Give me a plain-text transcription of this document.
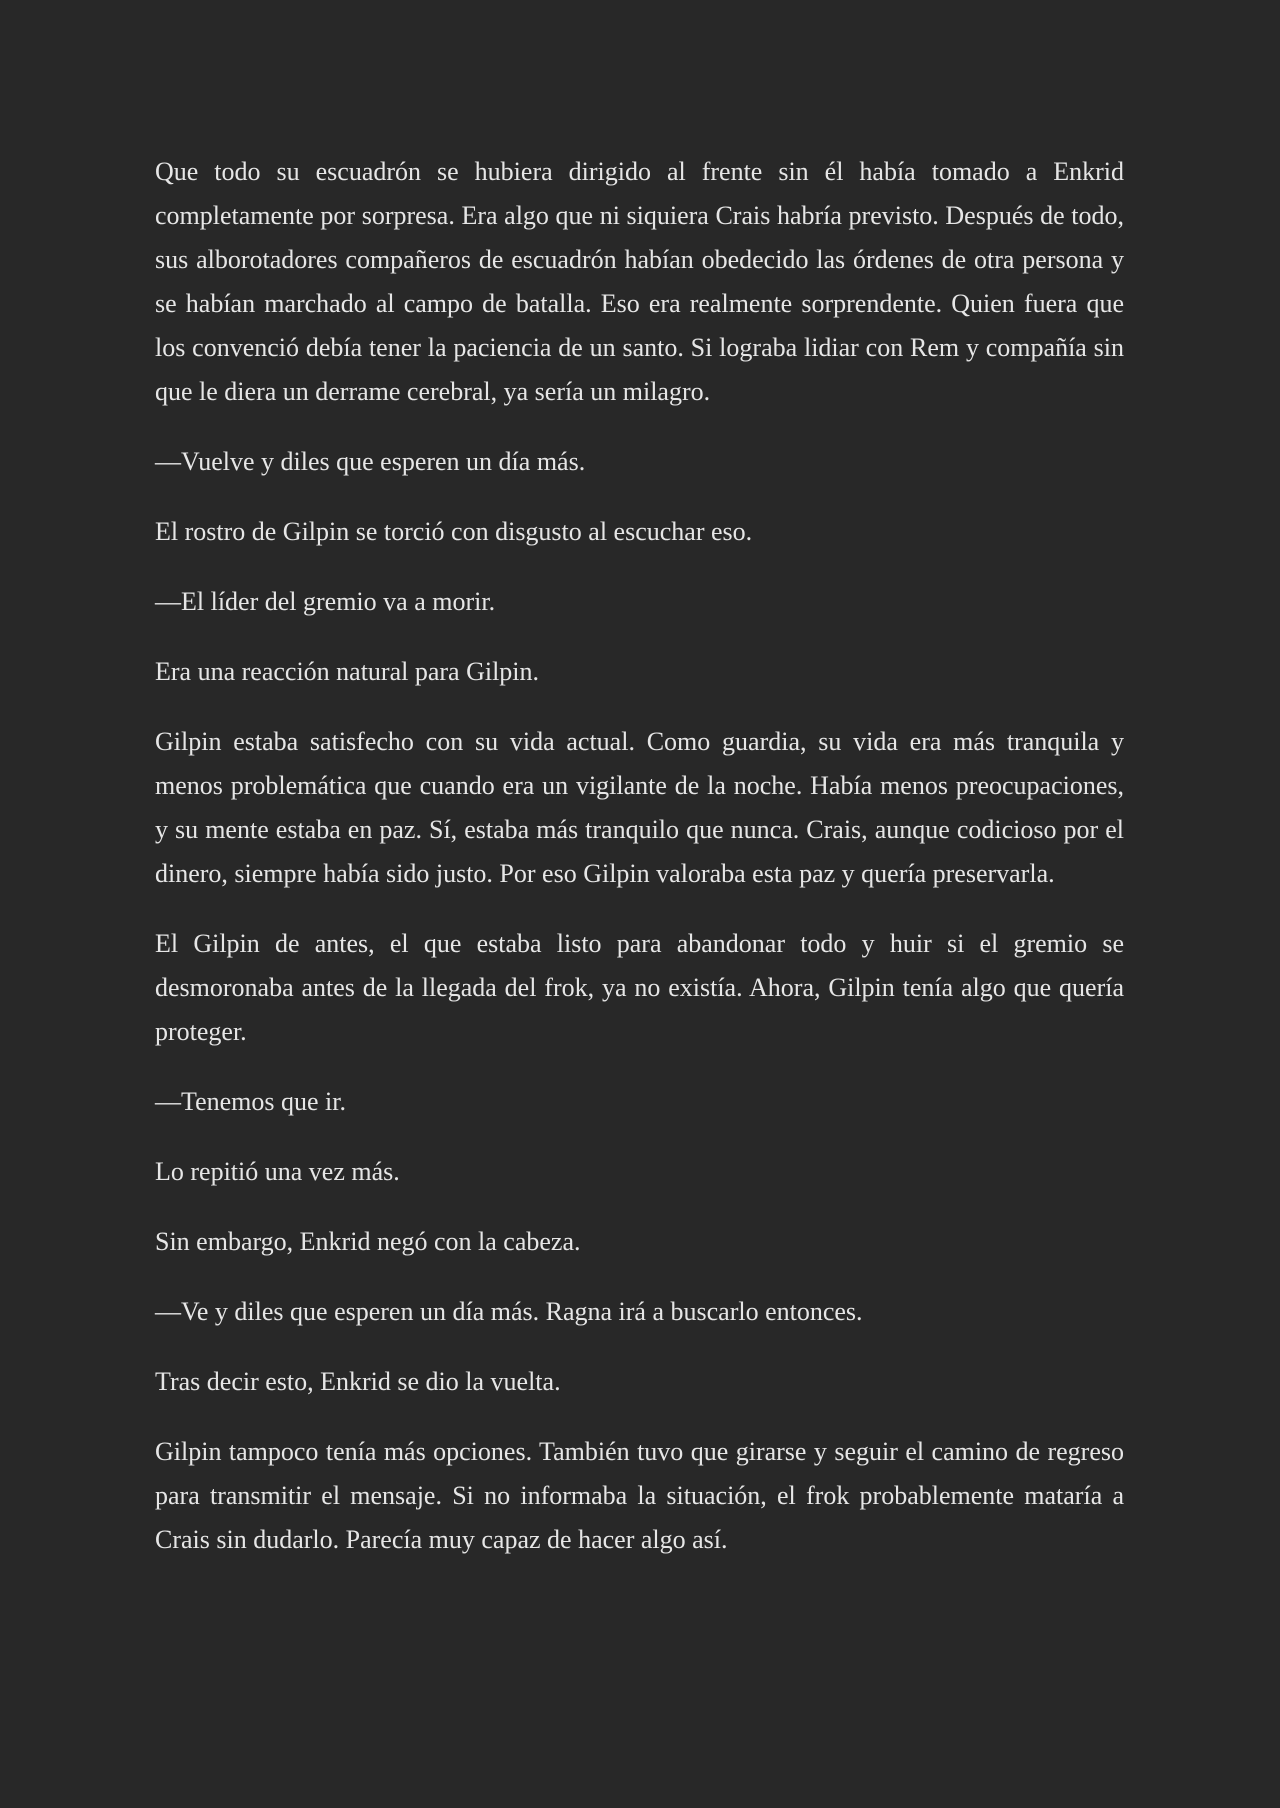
Que todo su escuadrón se hubiera dirigido al frente sin él había tomado a Enkrid completamente por sorpresa. Era algo que ni siquiera Crais habría previsto. Después de todo, sus alborotadores compañeros de escuadrón habían obedecido las órdenes de otra persona y se habían marchado al campo de batalla. Eso era realmente sorprendente. Quien fuera que los convenció debía tener la paciencia de un santo. Si lograba lidiar con Rem y compañía sin que le diera un derrame cerebral, ya sería un milagro.

—Vuelve y diles que esperen un día más.

El rostro de Gilpin se torció con disgusto al escuchar eso.

—El líder del gremio va a morir.

Era una reacción natural para Gilpin.

Gilpin estaba satisfecho con su vida actual. Como guardia, su vida era más tranquila y menos problemática que cuando era un vigilante de la noche. Había menos preocupaciones, y su mente estaba en paz. Sí, estaba más tranquilo que nunca. Crais, aunque codicioso por el dinero, siempre había sido justo. Por eso Gilpin valoraba esta paz y quería preservarla.

El Gilpin de antes, el que estaba listo para abandonar todo y huir si el gremio se desmoronaba antes de la llegada del frok, ya no existía. Ahora, Gilpin tenía algo que quería proteger.

—Tenemos que ir.

Lo repitió una vez más.

Sin embargo, Enkrid negó con la cabeza.

—Ve y diles que esperen un día más. Ragna irá a buscarlo entonces.

Tras decir esto, Enkrid se dio la vuelta.

Gilpin tampoco tenía más opciones. También tuvo que girarse y seguir el camino de regreso para transmitir el mensaje. Si no informaba la situación, el frok probablemente mataría a Crais sin dudarlo. Parecía muy capaz de hacer algo así.
